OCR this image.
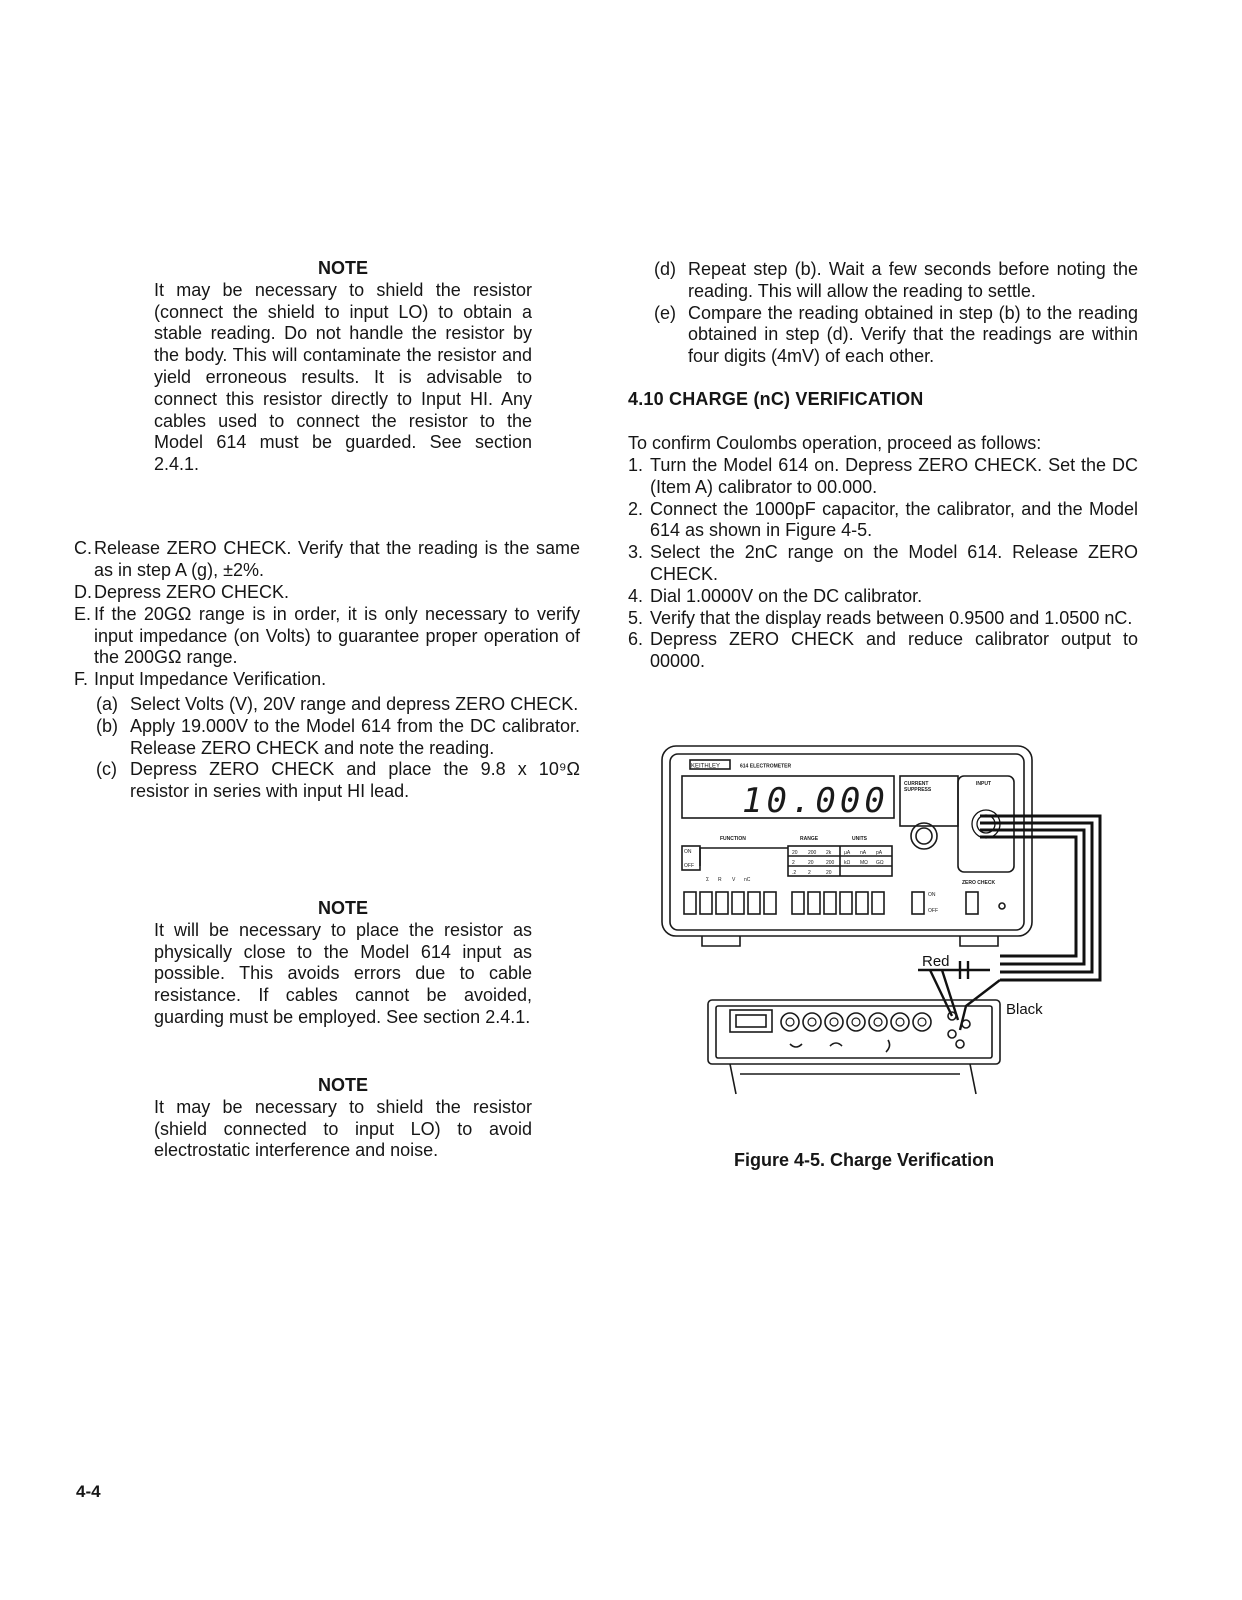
NOTE
It may be necessary to shield the resistor (connect the shield to input LO) to obtain a stable reading. Do not handle the resistor by the body. This will contaminate the resistor and yield erroneous results. It is advisable to connect this resistor directly to Input HI. Any cables used to connect the resistor to the Model 614 must be guarded. See section 2.4.1.
C. Release ZERO CHECK. Verify that the reading is the same as in step A (g), ±2%.
D. Depress ZERO CHECK.
E. If the 20GΩ range is in order, it is only necessary to verify input impedance (on Volts) to guarantee proper operation of the 200GΩ range.
F. Input Impedance Verification.
(a) Select Volts (V), 20V range and depress ZERO CHECK.
(b) Apply 19.000V to the Model 614 from the DC calibrator. Release ZERO CHECK and note the reading.
(c) Depress ZERO CHECK and place the 9.8 x 10⁹Ω resistor in series with input HI lead.
NOTE
It will be necessary to place the resistor as physically close to the Model 614 input as possible. This avoids errors due to cable resistance. If cables cannot be avoided, guarding must be employed. See section 2.4.1.
NOTE
It may be necessary to shield the resistor (shield connected to input LO) to avoid electrostatic interference and noise.
(d) Repeat step (b). Wait a few seconds before noting the reading. This will allow the reading to settle.
(e) Compare the reading obtained in step (b) to the reading obtained in step (d). Verify that the readings are within four digits (4mV) of each other.
4.10 CHARGE (nC) VERIFICATION
To confirm Coulombs operation, proceed as follows:
1. Turn the Model 614 on. Depress ZERO CHECK. Set the DC (Item A) calibrator to 00.000.
2. Connect the 1000pF capacitor, the calibrator, and the Model 614 as shown in Figure 4-5.
3. Select the 2nC range on the Model 614. Release ZERO CHECK.
4. Dial 1.0000V on the DC calibrator.
5. Verify that the display reads between 0.9500 and 1.0500 nC.
6. Depress ZERO CHECK and reduce calibrator output to 00000.
KEITHLEY	614 ELECTROMETER
CURRENT
SUPPRESS
INPUT
FUNCTION	RANGE	UNITS
20 200 2k
2	20 200
.2 2	20
µA nA pA
kΩ MΩ GΩ
ON
OFF
Σ R V nC
ON
OFF
ZERO CHECK
10.000
Red
Black
Figure 4-5. Charge Verification
4-4
